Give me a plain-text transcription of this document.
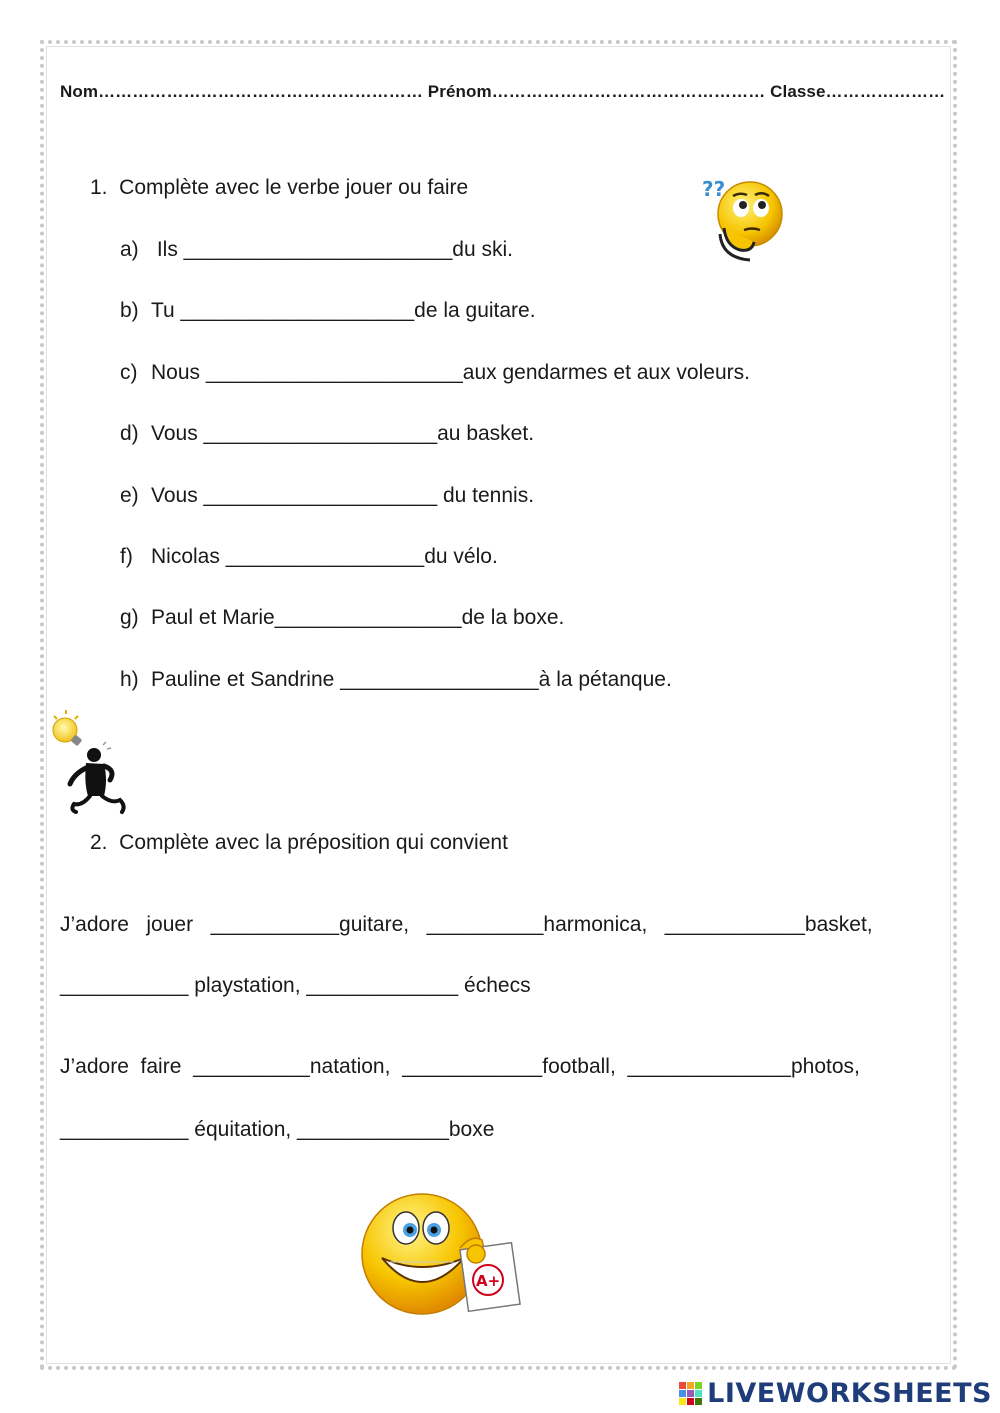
Nom………………………………………………… Prénom………………………………………… Classe…………………
1.  Complète avec le verbe jouer ou faire
a) Ils _______________________du ski.
b) Tu ____________________de la guitare.
c) Nous ______________________aux gendarmes et aux voleurs.
d) Vous ____________________au basket.
e) Vous ____________________ du tennis.
f) Nicolas _________________du vélo.
g) Paul et Marie________________de la boxe.
h) Pauline et Sandrine _________________à la pétanque.
2.  Complète avec la préposition qui convient
J’adore   jouer   ___________guitare,   __________harmonica,   ____________basket,
___________ playstation, _____________ échecs
J’adore  faire  __________natation,  ____________football,  ______________photos,
___________ équitation, _____________boxe
??
A+
LIVEWORKSHEETS
